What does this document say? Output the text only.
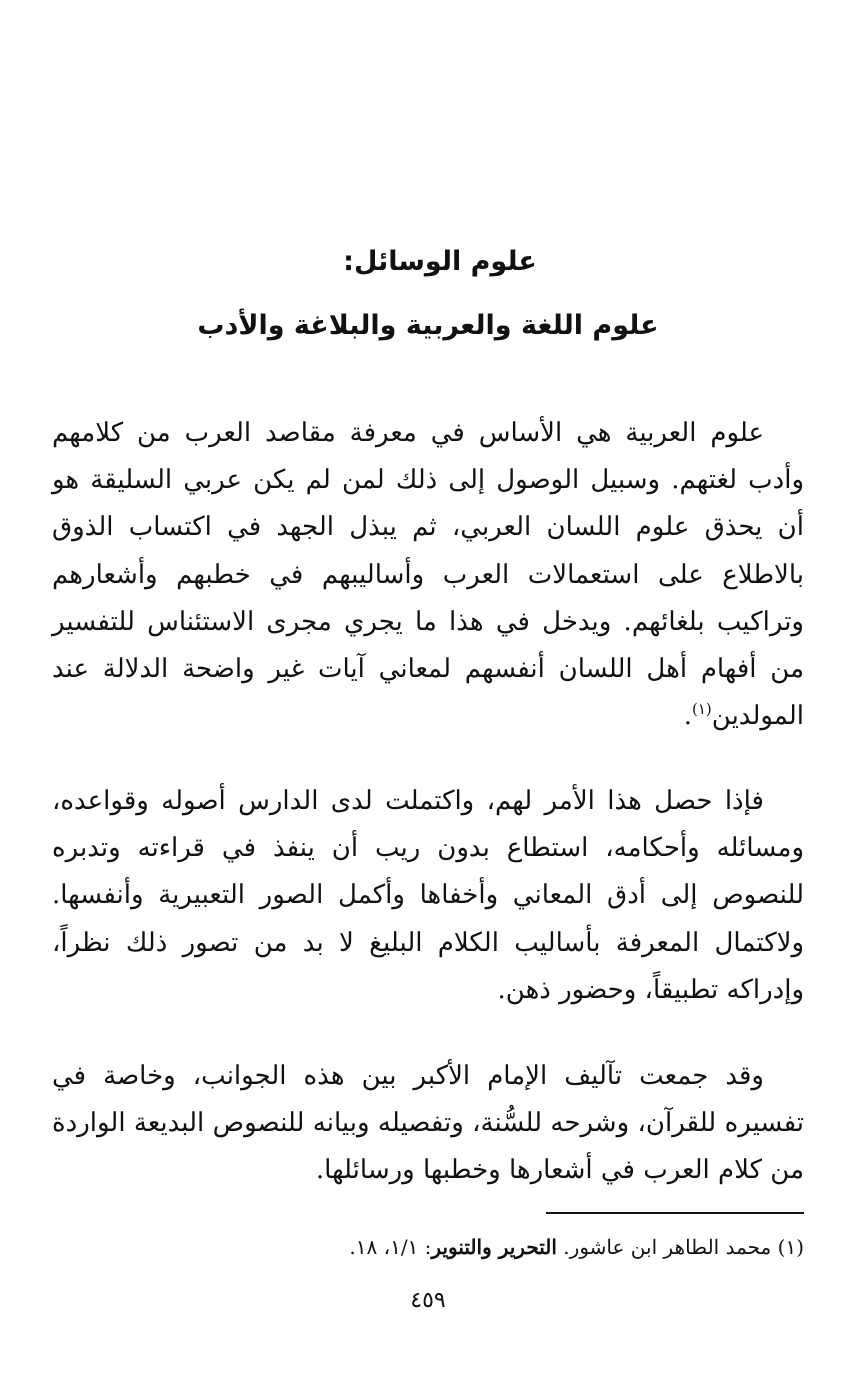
علوم الوسائل:
علوم اللغة والعربية والبلاغة والأدب

علوم العربية هي الأساس في معرفة مقاصد العرب من كلامهم وأدب لغتهم. وسبيل الوصول إلى ذلك لمن لم يكن عربي السليقة هو أن يحذق علوم اللسان العربي، ثم يبذل الجهد في اكتساب الذوق بالاطلاع على استعمالات العرب وأساليبهم في خطبهم وأشعارهم وتراكيب بلغائهم. ويدخل في هذا ما يجري مجرى الاستئناس للتفسير من أفهام أهل اللسان أنفسهم لمعاني آيات غير واضحة الدلالة عند المولدين$^{(١)}$.

فإذا حصل هذا الأمر لهم، واكتملت لدى الدارس أصوله وقواعده، ومسائله وأحكامه، استطاع بدون ريب أن ينفذ في قراءته وتدبره للنصوص إلى أدق المعاني وأخفاها وأكمل الصور التعبيرية وأنفسها. ولاكتمال المعرفة بأساليب الكلام البليغ لا بد من تصور ذلك نظراً، وإدراكه تطبيقاً، وحضور ذهن.

وقد جمعت تآليف الإمام الأكبر بين هذه الجوانب، وخاصة في تفسيره للقرآن، وشرحه للسُّنة، وتفصيله وبيانه للنصوص البديعة الواردة من كلام العرب في أشعارها وخطبها ورسائلها.

(١) محمد الطاهر ابن عاشور. التحرير والتنوير: ١/١، ١٨.
٤٥٩
